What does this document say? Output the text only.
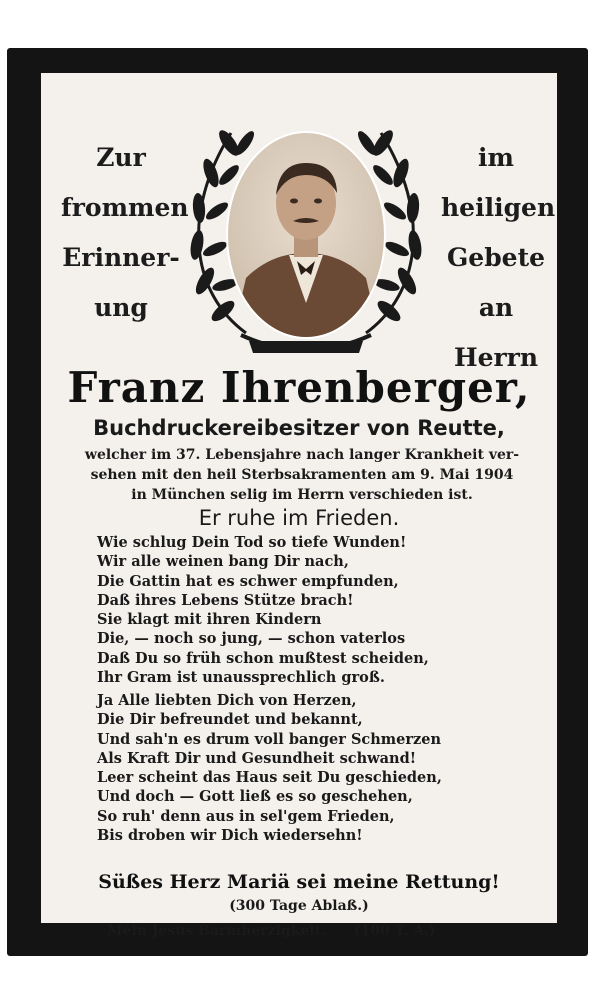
Zur
frommen
Erinner-
ung
im
heiligen
Gebete
an Herrn
Franz Ihrenberger,
Buchdruckereibesitzer von Reutte,
welcher im 37. Lebensjahre nach langer Krankheit ver-
sehen mit den heil Sterbsakramenten am 9. Mai 1904
in München selig im Herrn verschieden ist.
Er ruhe im Frieden.
Wie schlug Dein Tod so tiefe Wunden!
Wir alle weinen bang Dir nach,
Die Gattin hat es schwer empfunden,
Daß ihres Lebens Stütze brach!
Sie klagt mit ihren Kindern
Die, — noch so jung, — schon vaterlos
Daß Du so früh schon mußtest scheiden,
Ihr Gram ist unaussprechlich groß.
Ja Alle liebten Dich von Herzen,
Die Dir befreundet und bekannt,
Und sah'n es drum voll banger Schmerzen
Als Kraft Dir und Gesundheit schwand!
Leer scheint das Haus seit Du geschieden,
Und doch — Gott ließ es so geschehen,
So ruh' denn aus in sel'gem Frieden,
Bis droben wir Dich wiedersehn!
Süßes Herz Mariä sei meine Rettung!
(300 Tage Ablaß.)
Mein Jesus Barmherzigkeit. (100 T. A.)
